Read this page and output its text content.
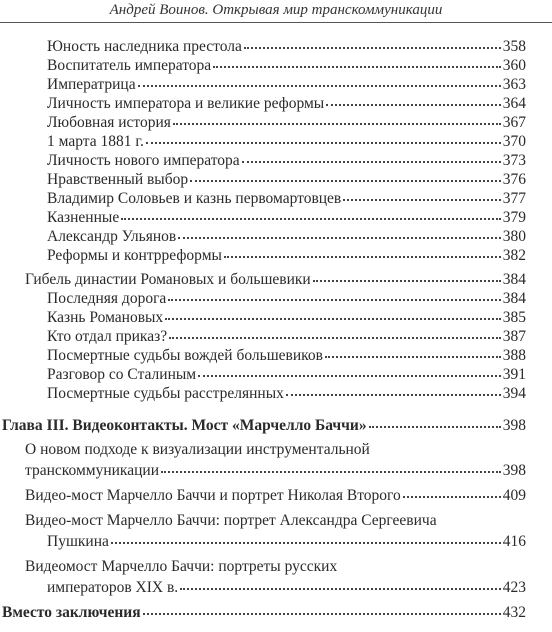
Андрей Воинов. Открывая мир транскоммуникации
Юность наследника престола	358
Воспитатель императора	360
Императрица	363
Личность императора и великие реформы	364
Любовная история	367
1 марта 1881 г.	370
Личность нового императора	373
Нравственный выбор	376
Владимир Соловьев и казнь первомартовцев	377
Казненные	379
Александр Ульянов	380
Реформы и контрреформы	382
Гибель династии Романовых и большевики	384
Последняя дорога	384
Казнь Романовых	385
Кто отдал приказ?	387
Посмертные судьбы вождей большевиков	388
Разговор со Сталиным	391
Посмертные судьбы расстрелянных	394
Глава III. Видеоконтакты. Мост «Марчелло Баччи»	398
О новом подходе к визуализации инструментальной
транскоммуникации	398
Видео-мост Марчелло Баччи и портрет Николая Второго	409
Видео-мост Марчелло Баччи: портрет Александра Сергеевича
Пушкина	416
Видеомост Марчелло Баччи: портреты русских
императоров XIX в.	423
Вместо заключения	432
